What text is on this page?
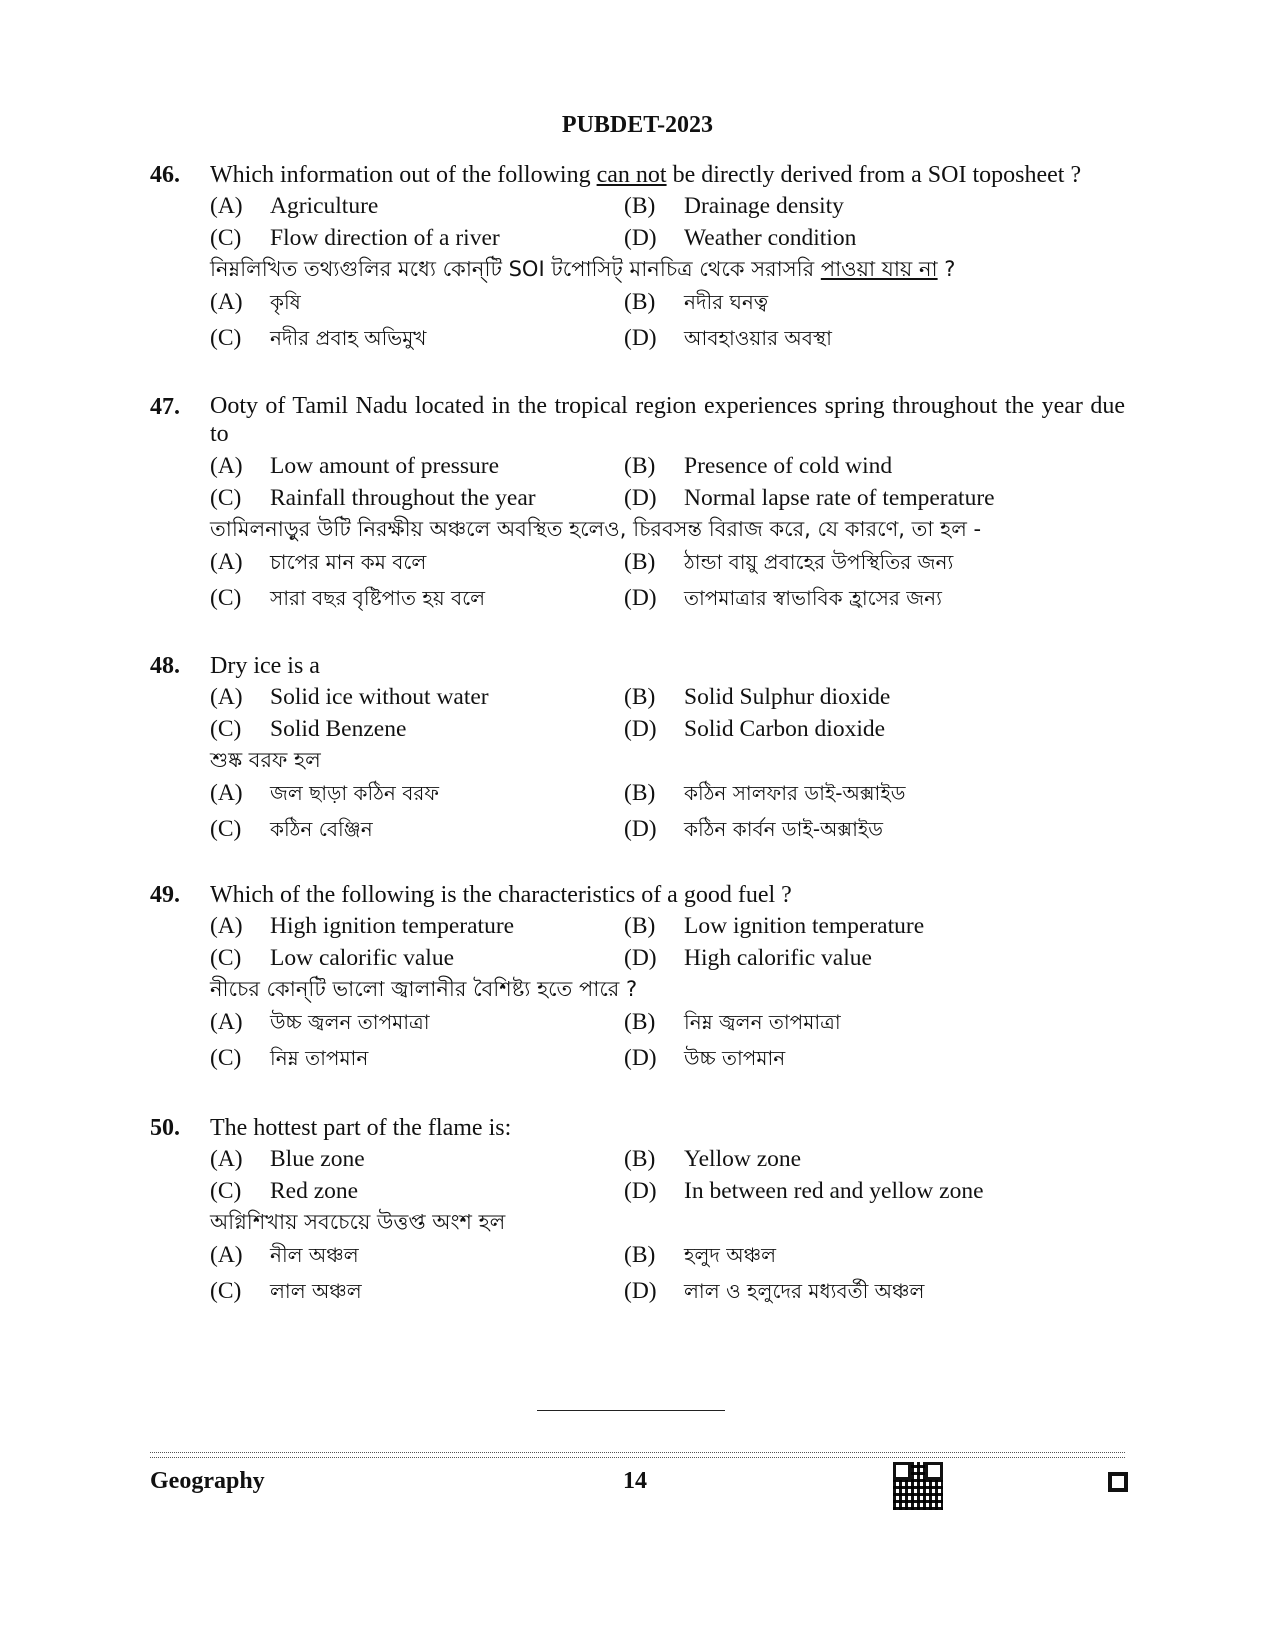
PUBDET-2023
46. Which information out of the following can not be directly derived from a SOI toposheet ?
(A) Agriculture	(B) Drainage density
(C) Flow direction of a river	(D) Weather condition
নিম্নলিখিত তথ্যগুলির মধ্যে কোন্‌টি SOI টপোসিট্‌ মানচিত্র থেকে সরাসরি পাওয়া যায় না ?
(A) কৃষি	(B) নদীর ঘনত্ব
(C) নদীর প্রবাহ অভিমুখ	(D) আবহাওয়ার অবস্থা
47. Ooty of Tamil Nadu located in the tropical region experiences spring throughout the year due to
(A) Low amount of pressure	(B) Presence of cold wind
(C) Rainfall throughout the year	(D) Normal lapse rate of temperature
তামিলনাড়ুর উটি নিরক্ষীয় অঞ্চলে অবস্থিত হলেও, চিরবসন্ত বিরাজ করে, যে কারণে, তা হল -
(A) চাপের মান কম বলে	(B) ঠান্ডা বায়ু প্রবাহের উপস্থিতির জন্য
(C) সারা বছর বৃষ্টিপাত হয় বলে	(D) তাপমাত্রার স্বাভাবিক হ্রাসের জন্য
48. Dry ice is a
(A) Solid ice without water	(B) Solid Sulphur dioxide
(C) Solid Benzene	(D) Solid Carbon dioxide
শুষ্ক বরফ হল
(A) জল ছাড়া কঠিন বরফ	(B) কঠিন সালফার ডাই-অক্সাইড
(C) কঠিন বেঞ্জিন	(D) কঠিন কার্বন ডাই-অক্সাইড
49. Which of the following is the characteristics of a good fuel ?
(A) High ignition temperature	(B) Low ignition temperature
(C) Low calorific value	(D) High calorific value
নীচের কোন্‌টি ভালো জ্বালানীর বৈশিষ্ট্য হতে পারে ?
(A) উচ্চ জ্বলন তাপমাত্রা	(B) নিম্ন জ্বলন তাপমাত্রা
(C) নিম্ন তাপমান	(D) উচ্চ তাপমান
50. The hottest part of the flame is:
(A) Blue zone	(B) Yellow zone
(C) Red zone	(D) In between red and yellow zone
অগ্নিশিখায় সবচেয়ে উত্তপ্ত অংশ হল
(A) নীল অঞ্চল	(B) হলুদ অঞ্চল
(C) লাল অঞ্চল	(D) লাল ও হলুদের মধ্যবর্তী অঞ্চল
Geography	14
